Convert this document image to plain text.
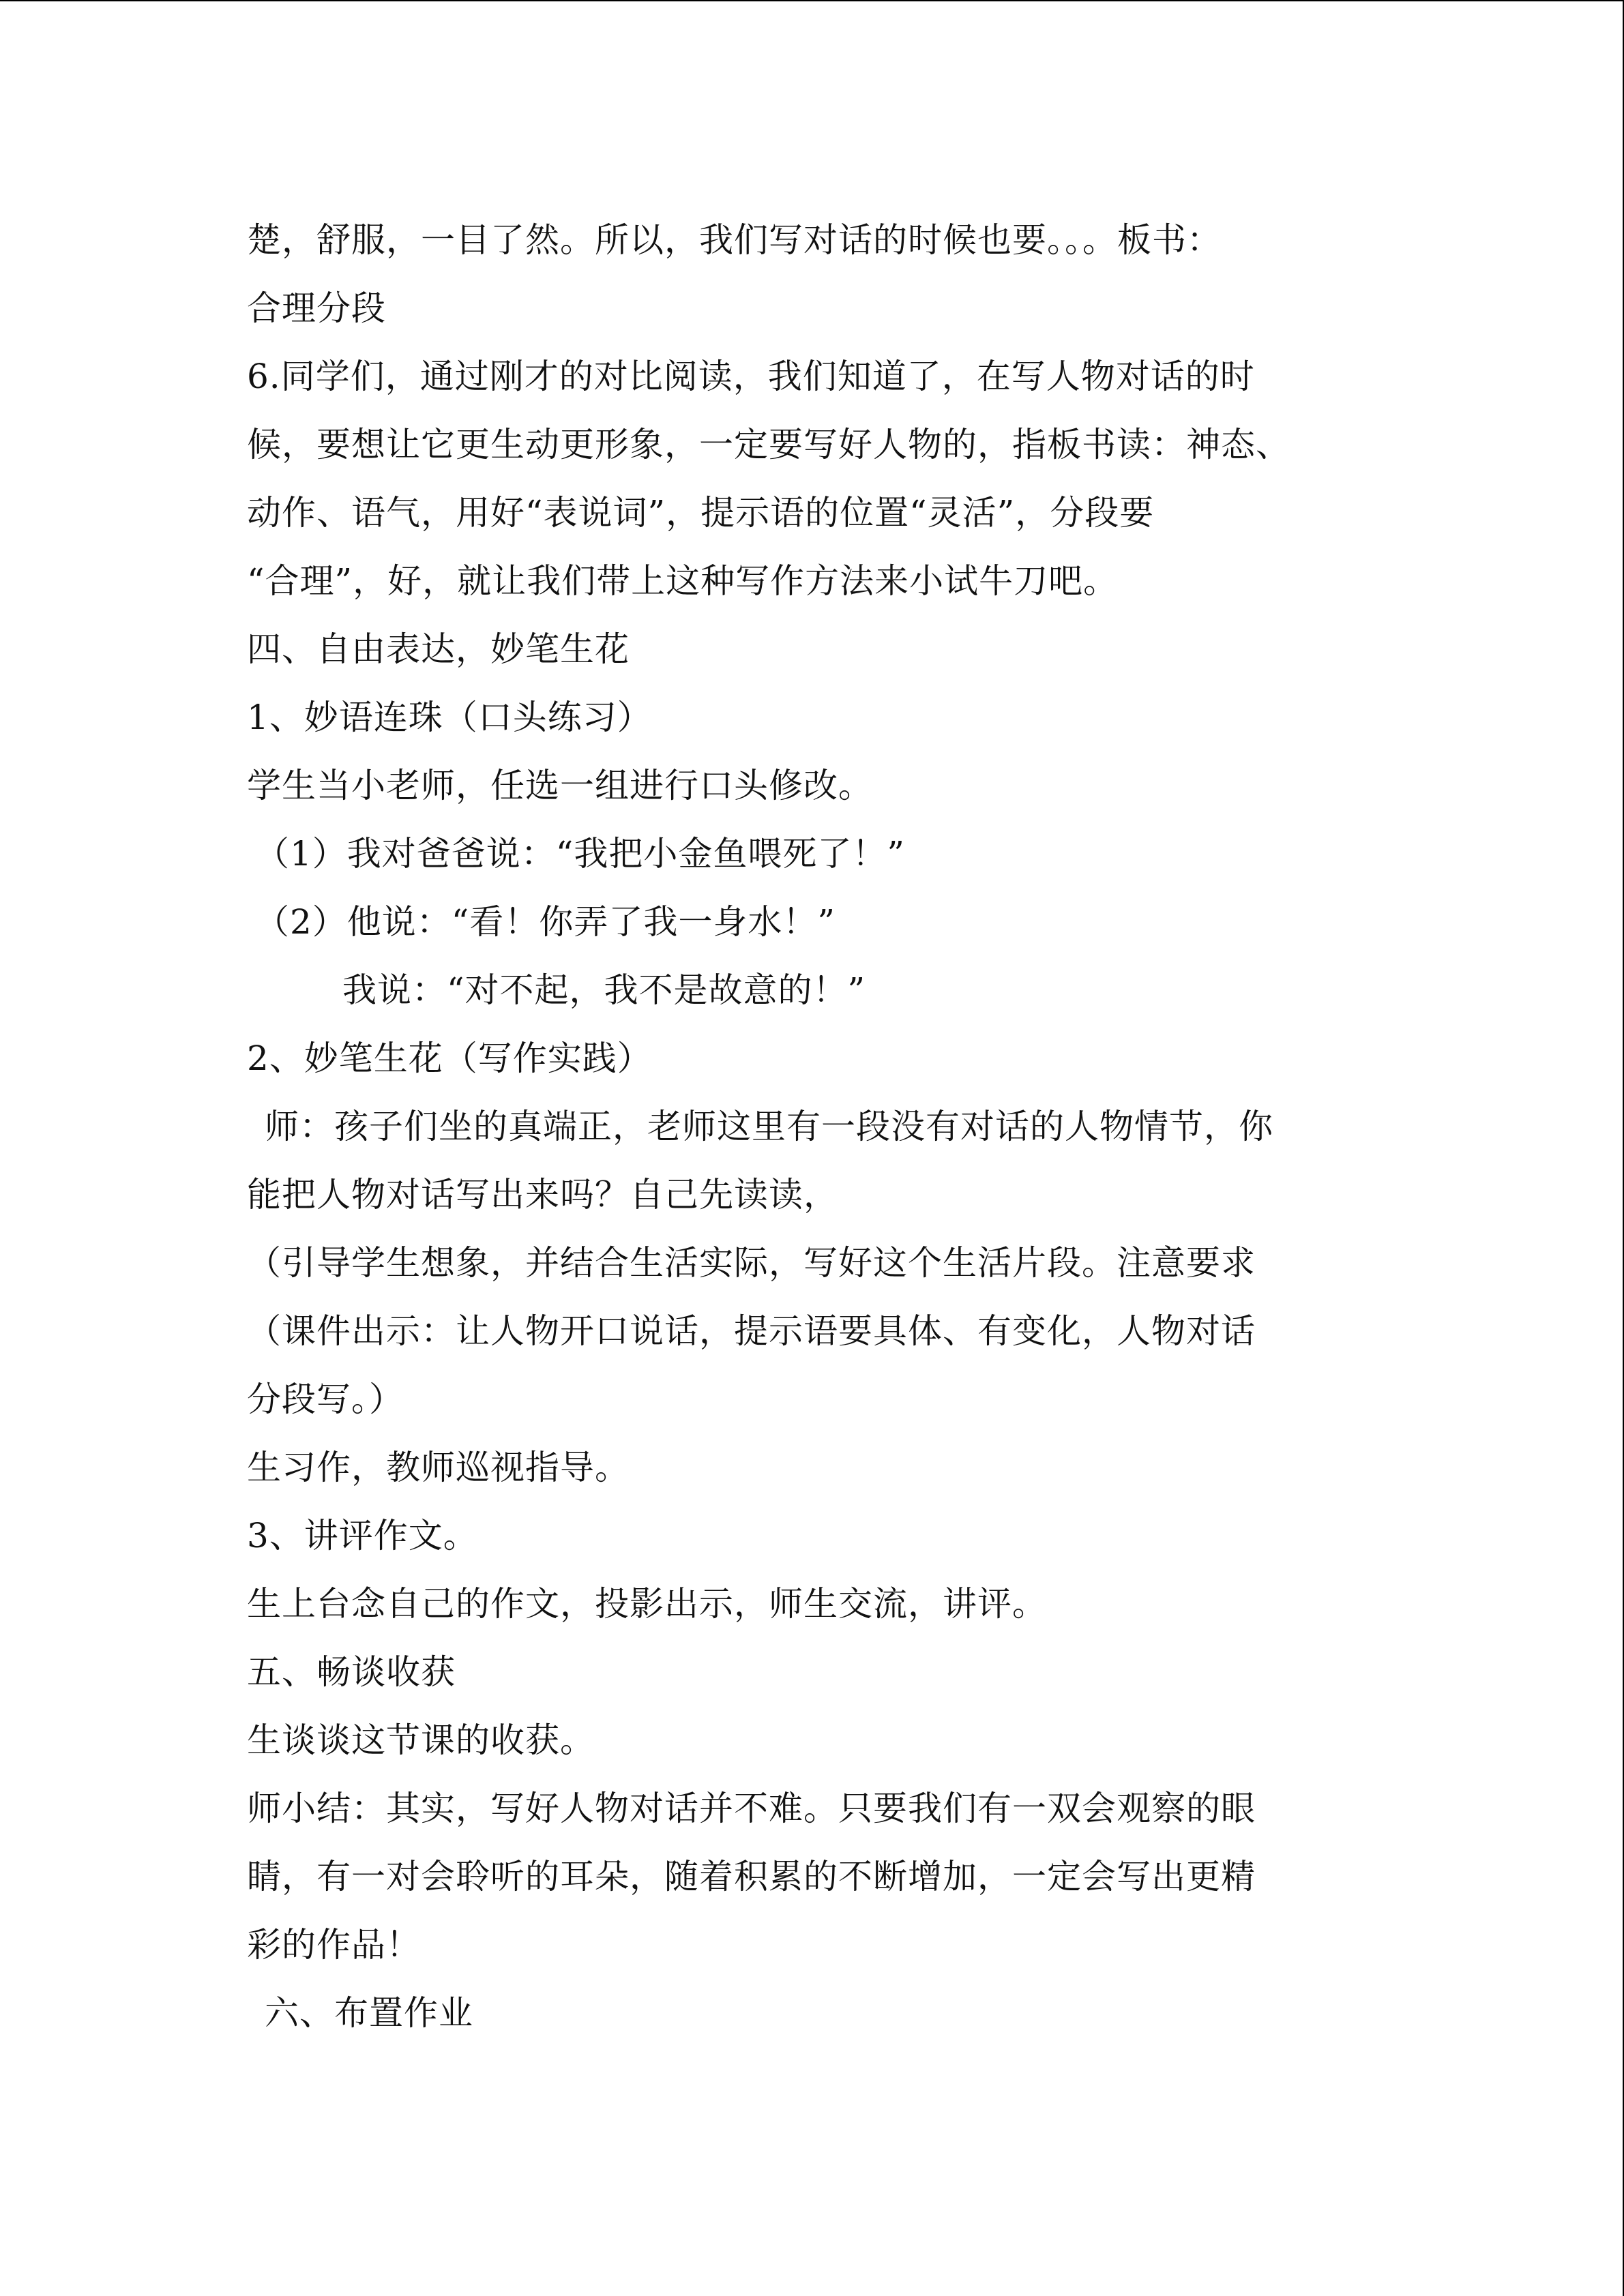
楚，舒服，一目了然。所以，我们写对话的时候也要。。。板书：
合理分段
6.同学们，通过刚才的对比阅读，我们知道了，在写人物对话的时
候，要想让它更生动更形象，一定要写好人物的，指板书读：神态、
动作、语气，用好“表说词”，提示语的位置“灵活”，分段要
“合理”，好，就让我们带上这种写作方法来小试牛刀吧。
四、自由表达，妙笔生花
1、妙语连珠（口头练习）
学生当小老师，任选一组进行口头修改。
（1）我对爸爸说：“我把小金鱼喂死了！”
（2）他说：“看！你弄了我一身水！”
我说：“对不起，我不是故意的！”
2、妙笔生花（写作实践）
师：孩子们坐的真端正，老师这里有一段没有对话的人物情节，你
能把人物对话写出来吗？自己先读读，
（引导学生想象，并结合生活实际，写好这个生活片段。注意要求
（课件出示：让人物开口说话，提示语要具体、有变化，人物对话
分段写。）
生习作，教师巡视指导。
3、讲评作文。
生上台念自己的作文，投影出示，师生交流，讲评。
五、畅谈收获
生谈谈这节课的收获。
师小结：其实，写好人物对话并不难。只要我们有一双会观察的眼
睛，有一对会聆听的耳朵，随着积累的不断增加，一定会写出更精
彩的作品！
六、布置作业
